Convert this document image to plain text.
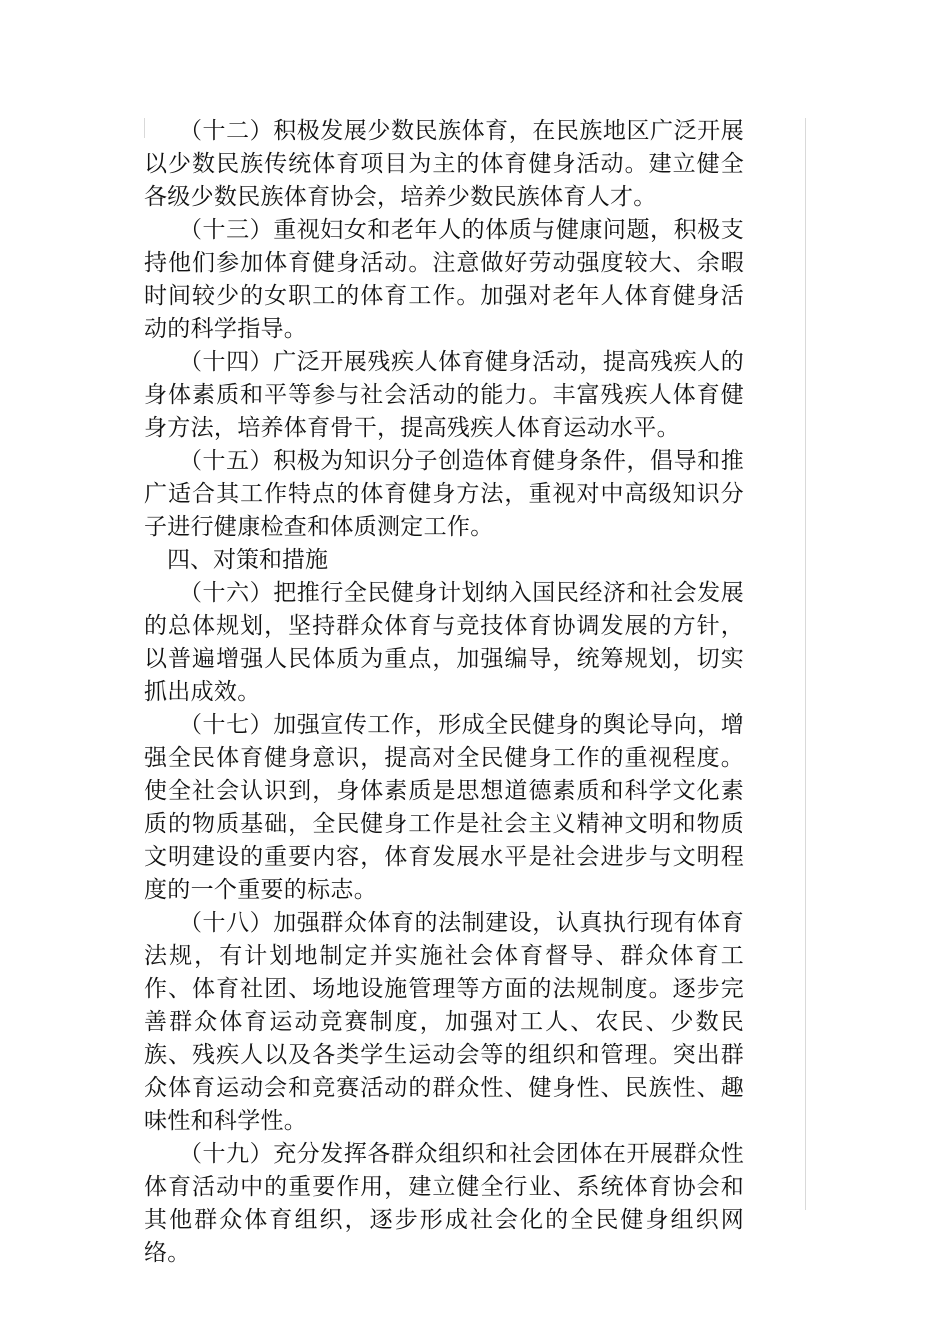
（十二）积极发展少数民族体育，在民族地区广泛开展以少数民族传统体育项目为主的体育健身活动。建立健全各级少数民族体育协会，培养少数民族体育人才。

（十三）重视妇女和老年人的体质与健康问题，积极支持他们参加体育健身活动。注意做好劳动强度较大、余暇时间较少的女职工的体育工作。加强对老年人体育健身活动的科学指导。

（十四）广泛开展残疾人体育健身活动，提高残疾人的身体素质和平等参与社会活动的能力。丰富残疾人体育健身方法，培养体育骨干，提高残疾人体育运动水平。

（十五）积极为知识分子创造体育健身条件，倡导和推广适合其工作特点的体育健身方法，重视对中高级知识分子进行健康检查和体质测定工作。

四、对策和措施

（十六）把推行全民健身计划纳入国民经济和社会发展的总体规划，坚持群众体育与竞技体育协调发展的方针，以普遍增强人民体质为重点，加强编导，统筹规划，切实抓出成效。

（十七）加强宣传工作，形成全民健身的舆论导向，增强全民体育健身意识，提高对全民健身工作的重视程度。使全社会认识到，身体素质是思想道德素质和科学文化素质的物质基础，全民健身工作是社会主义精神文明和物质文明建设的重要内容，体育发展水平是社会进步与文明程度的一个重要的标志。

（十八）加强群众体育的法制建设，认真执行现有体育法规，有计划地制定并实施社会体育督导、群众体育工作、体育社团、场地设施管理等方面的法规制度。逐步完善群众体育运动竞赛制度，加强对工人、农民、少数民族、残疾人以及各类学生运动会等的组织和管理。突出群众体育运动会和竞赛活动的群众性、健身性、民族性、趣味性和科学性。

（十九）充分发挥各群众组织和社会团体在开展群众性体育活动中的重要作用，建立健全行业、系统体育协会和其他群众体育组织，逐步形成社会化的全民健身组织网络。
